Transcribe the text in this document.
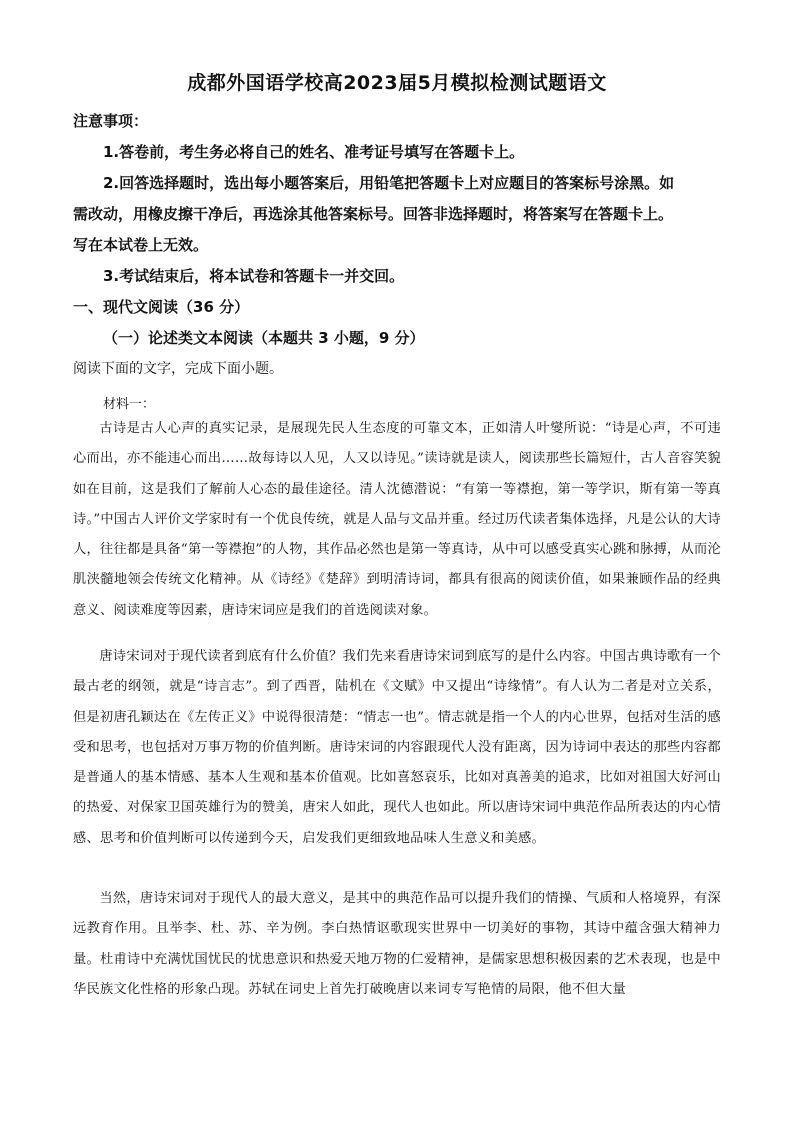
成都外国语学校高2023届5月模拟检测试题语文
注意事项：
1.答卷前，考生务必将自己的姓名、准考证号填写在答题卡上。
2.回答选择题时，选出每小题答案后，用铅笔把答题卡上对应题目的答案标号涂黑。如
需改动，用橡皮擦干净后，再选涂其他答案标号。回答非选择题时，将答案写在答题卡上。
写在本试卷上无效。
3.考试结束后，将本试卷和答题卡一并交回。
一、现代文阅读（36 分）
（一）论述类文本阅读（本题共 3 小题，9 分）
阅读下面的文字，完成下面小题。
材料一：
古诗是古人心声的真实记录，是展现先民人生态度的可靠文本，正如清人叶燮所说：“诗是心声，不可违心而出，亦不能违心而出……故每诗以人见，人又以诗见。”读诗就是读人，阅读那些长篇短什，古人音容笑貌如在目前，这是我们了解前人心态的最佳途径。清人沈德潜说：“有第一等襟抱，第一等学识，斯有第一等真诗。”中国古人评价文学家时有一个优良传统，就是人品与文品并重。经过历代读者集体选择，凡是公认的大诗人，往往都是具备“第一等襟抱”的人物，其作品必然也是第一等真诗，从中可以感受真实心跳和脉搏，从而沦肌浃髓地领会传统文化精神。从《诗经》《楚辞》到明清诗词，都具有很高的阅读价值，如果兼顾作品的经典意义、阅读难度等因素，唐诗宋词应是我们的首选阅读对象。
唐诗宋词对于现代读者到底有什么价值？我们先来看唐诗宋词到底写的是什么内容。中国古典诗歌有一个最古老的纲领，就是“诗言志”。到了西晋，陆机在《文赋》中又提出“诗缘情”。有人认为二者是对立关系，但是初唐孔颖达在《左传正义》中说得很清楚：“情志一也”。情志就是指一个人的内心世界，包括对生活的感受和思考，也包括对万事万物的价值判断。唐诗宋词的内容跟现代人没有距离，因为诗词中表达的那些内容都是普通人的基本情感、基本人生观和基本价值观。比如喜怒哀乐，比如对真善美的追求，比如对祖国大好河山的热爱、对保家卫国英雄行为的赞美，唐宋人如此，现代人也如此。所以唐诗宋词中典范作品所表达的内心情感、思考和价值判断可以传递到今天，启发我们更细致地品味人生意义和美感。
当然，唐诗宋词对于现代人的最大意义，是其中的典范作品可以提升我们的情操、气质和人格境界，有深远教育作用。且举李、杜、苏、辛为例。李白热情讴歌现实世界中一切美好的事物，其诗中蕴含强大精神力量。杜甫诗中充满忧国忧民的忧患意识和热爱天地万物的仁爱精神，是儒家思想积极因素的艺术表现，也是中华民族文化性格的形象凸现。苏轼在词史上首先打破晚唐以来词专写艳情的局限，他不但大量
